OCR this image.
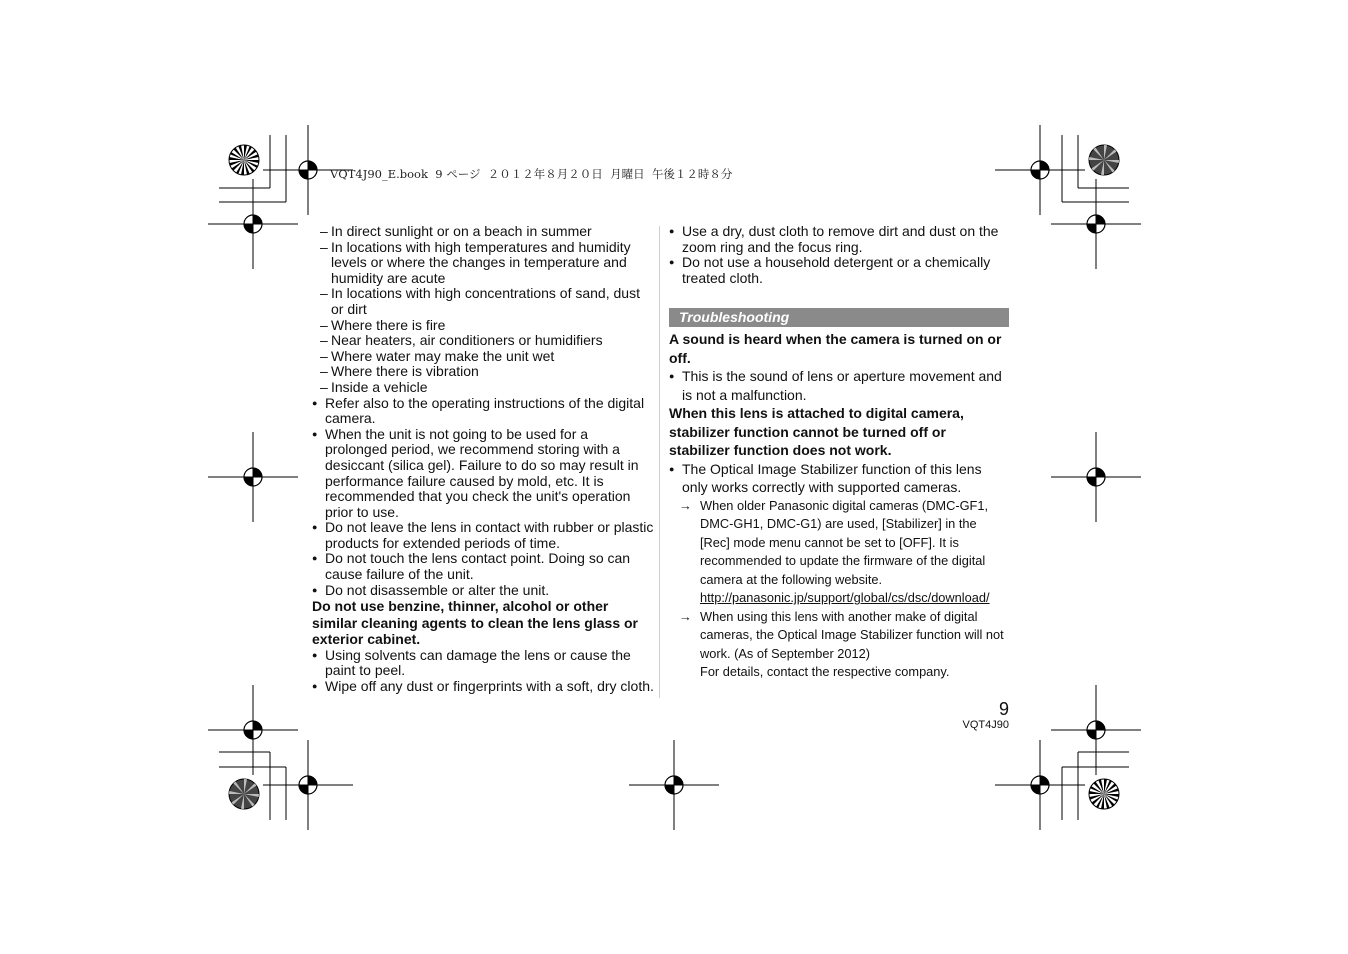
VQT4J90_E.book  9 ページ  ２０１２年８月２０日  月曜日  午後１２時８分
– In direct sunlight or on a beach in summer
– In locations with high temperatures and humidity levels or where the changes in temperature and humidity are acute
– In locations with high concentrations of sand, dust or dirt
– Where there is fire
– Near heaters, air conditioners or humidifiers
– Where water may make the unit wet
– Where there is vibration
– Inside a vehicle
● Refer also to the operating instructions of the digital camera.
● When the unit is not going to be used for a prolonged period, we recommend storing with a desiccant (silica gel). Failure to do so may result in performance failure caused by mold, etc. It is recommended that you check the unit's operation prior to use.
● Do not leave the lens in contact with rubber or plastic products for extended periods of time.
● Do not touch the lens contact point. Doing so can cause failure of the unit.
● Do not disassemble or alter the unit.
Do not use benzine, thinner, alcohol or other similar cleaning agents to clean the lens glass or exterior cabinet.
● Using solvents can damage the lens or cause the paint to peel.
● Wipe off any dust or fingerprints with a soft, dry cloth.
● Use a dry, dust cloth to remove dirt and dust on the zoom ring and the focus ring.
● Do not use a household detergent or a chemically treated cloth.
Troubleshooting
A sound is heard when the camera is turned on or off.
● This is the sound of lens or aperture movement and is not a malfunction.
When this lens is attached to digital camera, stabilizer function cannot be turned off or stabilizer function does not work.
● The Optical Image Stabilizer function of this lens only works correctly with supported cameras.
→ When older Panasonic digital cameras (DMC-GF1, DMC-GH1, DMC-G1) are used, [Stabilizer] in the [Rec] mode menu cannot be set to [OFF]. It is recommended to update the firmware of the digital camera at the following website.
http://panasonic.jp/support/global/cs/dsc/download/
→ When using this lens with another make of digital cameras, the Optical Image Stabilizer function will not work. (As of September 2012)
For details, contact the respective company.
9
VQT4J90
